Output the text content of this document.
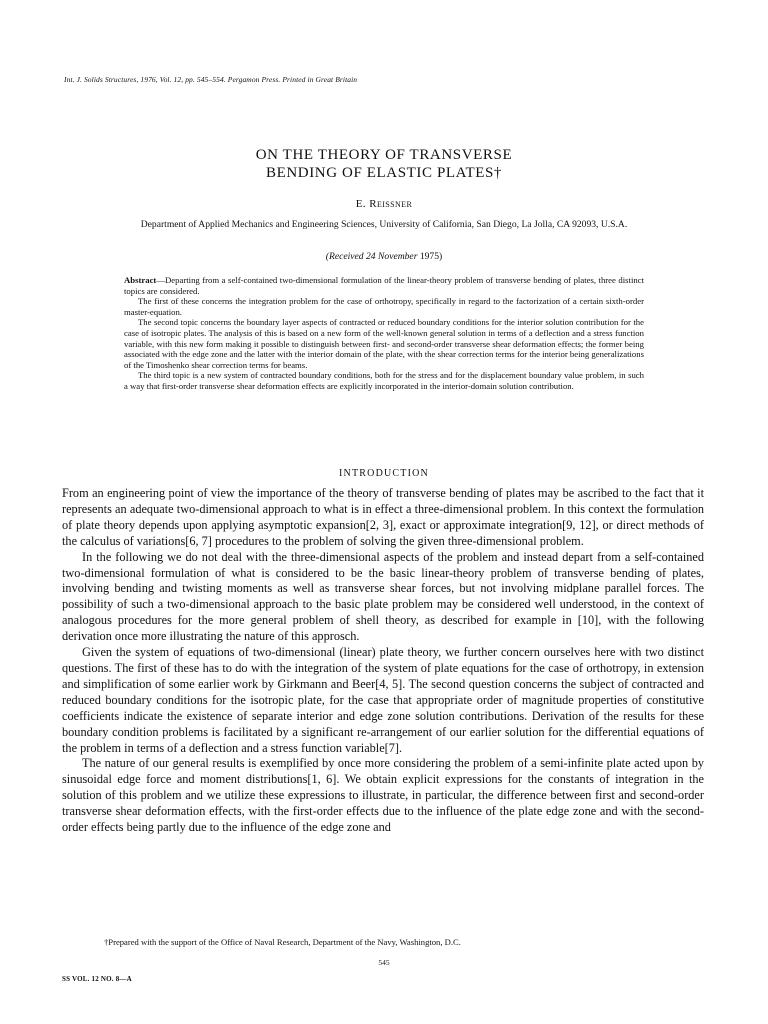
Int. J. Solids Structures, 1976, Vol. 12, pp. 545–554. Pergamon Press. Printed in Great Britain
ON THE THEORY OF TRANSVERSE
BENDING OF ELASTIC PLATES†
E. Reissner
Department of Applied Mechanics and Engineering Sciences, University of California, San Diego, La Jolla, CA 92093, U.S.A.
(Received 24 November 1975)

Abstract—Departing from a self-contained two-dimensional formulation of the linear-theory problem of transverse bending of plates, three distinct topics are considered.

The first of these concerns the integration problem for the case of orthotropy, specifically in regard to the factorization of a certain sixth-order master-equation.

The second topic concerns the boundary layer aspects of contracted or reduced boundary conditions for the interior solution contribution for the case of isotropic plates. The analysis of this is based on a new form of the well-known general solution in terms of a deflection and a stress function variable, with this new form making it possible to distinguish between first- and second-order transverse shear deformation effects; the former being associated with the edge zone and the latter with the interior domain of the plate, with the shear correction terms for the interior being generalizations of the Timoshenko shear correction terms for beams.

The third topic is a new system of contracted boundary conditions, both for the stress and for the displacement boundary value problem, in such a way that first-order transverse shear deformation effects are explicitly incorporated in the interior-domain solution contribution.

INTRODUCTION

From an engineering point of view the importance of the theory of transverse bending of plates may be ascribed to the fact that it represents an adequate two-dimensional approach to what is in effect a three-dimensional problem. In this context the formulation of plate theory depends upon applying asymptotic expansion[2, 3], exact or approximate integration[9, 12], or direct methods of the calculus of variations[6, 7] procedures to the problem of solving the given three-dimensional problem.

In the following we do not deal with the three-dimensional aspects of the problem and instead depart from a self-contained two-dimensional formulation of what is considered to be the basic linear-theory problem of transverse bending of plates, involving bending and twisting moments as well as transverse shear forces, but not involving midplane parallel forces. The possibility of such a two-dimensional approach to the basic plate problem may be considered well understood, in the context of analogous procedures for the more general problem of shell theory, as described for example in [10], with the following derivation once more illustrating the nature of this approsch.

Given the system of equations of two-dimensional (linear) plate theory, we further concern ourselves here with two distinct questions. The first of these has to do with the integration of the system of plate equations for the case of orthotropy, in extension and simplification of some earlier work by Girkmann and Beer[4, 5]. The second question concerns the subject of contracted and reduced boundary conditions for the isotropic plate, for the case that appropriate order of magnitude properties of constitutive coefficients indicate the existence of separate interior and edge zone solution contributions. Derivation of the results for these boundary condition problems is facilitated by a significant re-arrangement of our earlier solution for the differential equations of the problem in terms of a deflection and a stress function variable[7].

The nature of our general results is exemplified by once more considering the problem of a semi-infinite plate acted upon by sinusoidal edge force and moment distributions[1, 6]. We obtain explicit expressions for the constants of integration in the solution of this problem and we utilize these expressions to illustrate, in particular, the difference between first and second-order transverse shear deformation effects, with the first-order effects due to the influence of the plate edge zone and with the second-order effects being partly due to the influence of the edge zone and

†Prepared with the support of the Office of Naval Research, Department of the Navy, Washington, D.C.
545
SS VOL. 12 NO. 8—A
